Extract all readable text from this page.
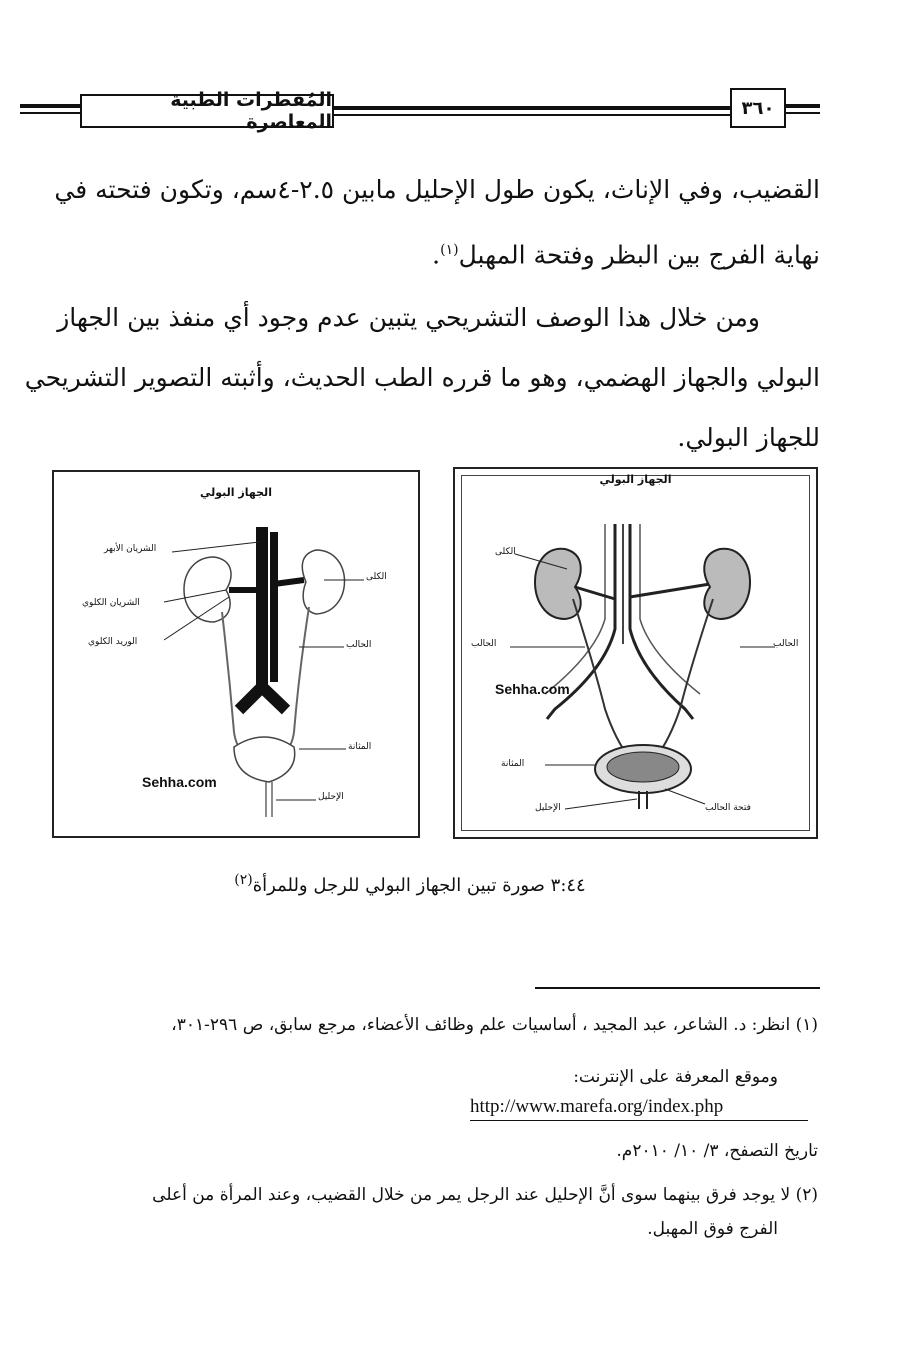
المُفطرات الطبية المعاصرة
٣٦٠
القضيب، وفي الإناث، يكون طول الإحليل مابين ٢.٥-٤سم، وتكون فتحته في
نهاية الفرج بين البظر وفتحة المهبل$^{(١)}$.
ومن خلال هذا الوصف التشريحي يتبين عدم وجود أي منفذ بين الجهاز
البولي والجهاز الهضمي، وهو ما قرره الطب الحديث، وأثبته التصوير التشريحي
للجهاز البولي.
الجهاز البولي
الكلى
الحالب	الحالب
المثانة
فتحة الحالب
الإحليل
Sehha.com
الجهاز البولي
الشريان الأبهر
الكلى
الشريان الكلوي
الوريد الكلوي	الحالب
المثانة
الإحليل
Sehha.com
٣:٤٤ صورة تبين الجهاز البولي للرجل وللمرأة$^{(٢)}$
(١) انظر: د. الشاعر، عبد المجيد ، أساسيات علم وظائف الأعضاء، مرجع سابق، ص ٢٩٦-٣٠١،
وموقع المعرفة على الإنترنت:
http://www.marefa.org/index.php
تاريخ التصفح، ٣/ ١٠/ ٢٠١٠م.
(٢) لا يوجد فرق بينهما سوى أنَّ الإحليل عند الرجل يمر من خلال القضيب، وعند المرأة من أعلى
الفرج فوق المهبل.
